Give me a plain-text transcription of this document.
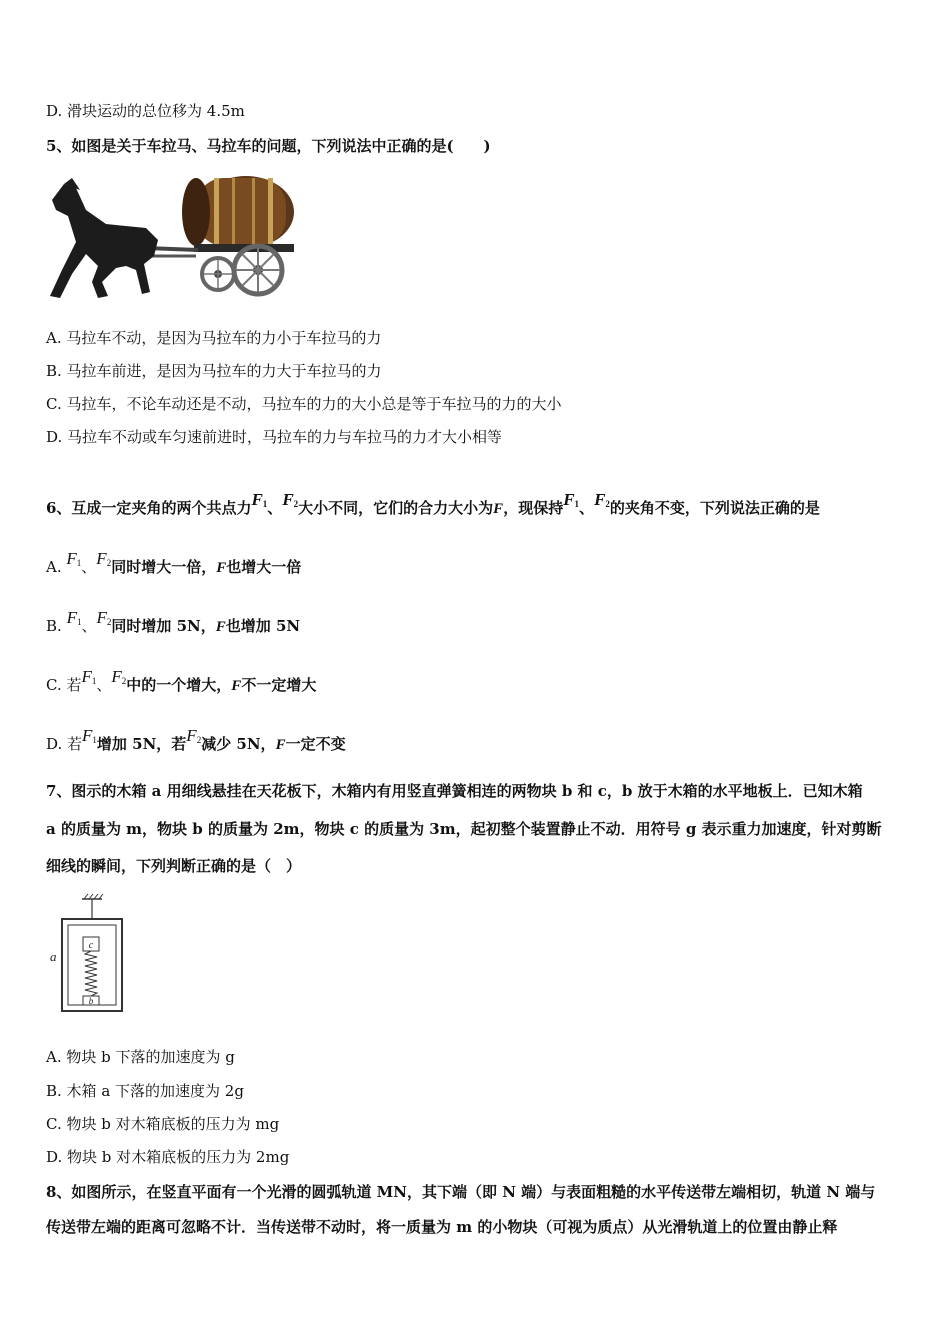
D. 滑块运动的总位移为 4.5m
5、如图是关于车拉马、马拉车的问题，下列说法中正确的是(　　)
A. 马拉车不动，是因为马拉车的力小于车拉马的力
B. 马拉车前进，是因为马拉车的力大于车拉马的力
C. 马拉车，不论车动还是不动，马拉车的力的大小总是等于车拉马的力的大小
D. 马拉车不动或车匀速前进时，马拉车的力与车拉马的力才大小相等
6、互成一定夹角的两个共点力$F_1$、$F_2$大小不同，它们的合力大小为F，现保持$F_1$、$F_2$的夹角不变，下列说法正确的是
A. $F_1$、$F_2$同时增大一倍，F也增大一倍
B. $F_1$、$F_2$同时增加 5N，F也增加 5N
C. 若$F_1$、$F_2$中的一个增大，F不一定增大
D. 若$F_1$增加 5N，若$F_2$减少 5N，F一定不变
7、图示的木箱 a 用细线悬挂在天花板下，木箱内有用竖直弹簧相连的两物块 b 和 c，b 放于木箱的水平地板上．已知木箱
a 的质量为 m，物块 b 的质量为 2m，物块 c 的质量为 3m，起初整个装置静止不动．用符号 g 表示重力加速度，针对剪断
细线的瞬间，下列判断正确的是（　）
c
b
a
A. 物块 b 下落的加速度为 g
B. 木箱 a 下落的加速度为 2g
C. 物块 b 对木箱底板的压力为 mg
D. 物块 b 对木箱底板的压力为 2mg
8、如图所示，在竖直平面有一个光滑的圆弧轨道 MN，其下端（即 N 端）与表面粗糙的水平传送带左端相切，轨道 N 端与
传送带左端的距离可忽略不计．当传送带不动时，将一质量为 m 的小物块（可视为质点）从光滑轨道上的位置由静止释
